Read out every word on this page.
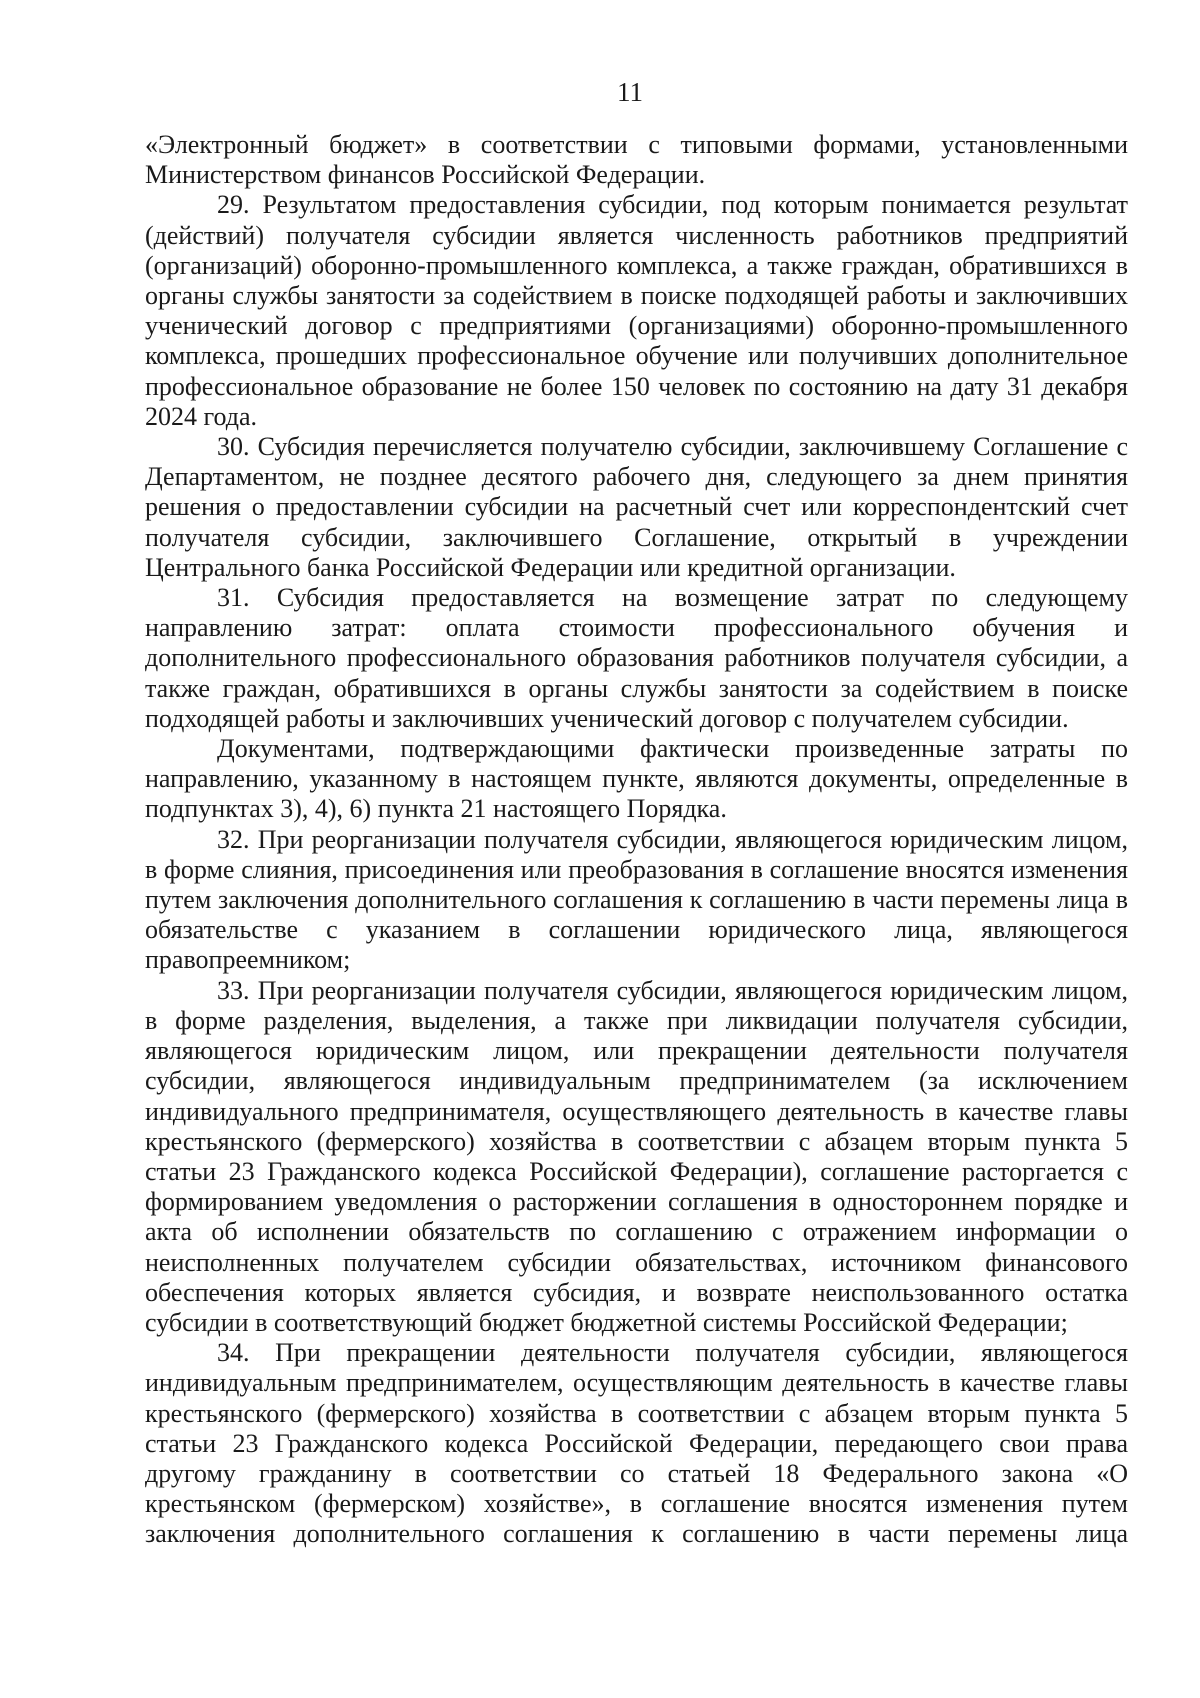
11

«Электронный бюджет» в соответствии с типовыми формами, установленными Министерством финансов Российской Федерации.

29. Результатом предоставления субсидии, под которым понимается результат (действий) получателя субсидии является численность работников предприятий (организаций) оборонно-промышленного комплекса, а также граждан, обратившихся в органы службы занятости за содействием в поиске подходящей работы и заключивших ученический договор с предприятиями (организациями) оборонно-промышленного комплекса, прошедших профессиональное обучение или получивших дополнительное профессиональное образование не более 150 человек по состоянию на дату 31 декабря 2024 года.

30. Субсидия перечисляется получателю субсидии, заключившему Соглашение с Департаментом, не позднее десятого рабочего дня, следующего за днем принятия решения о предоставлении субсидии на расчетный счет или корреспондентский счет получателя субсидии, заключившего Соглашение, открытый в учреждении Центрального банка Российской Федерации или кредитной организации.

31. Субсидия предоставляется на возмещение затрат по следующему направлению затрат: оплата стоимости профессионального обучения и дополнительного профессионального образования работников получателя субсидии, а также граждан, обратившихся в органы службы занятости за содействием в поиске подходящей работы и заключивших ученический договор с получателем субсидии.

Документами, подтверждающими фактически произведенные затраты по направлению, указанному в настоящем пункте, являются документы, определенные в подпунктах 3), 4), 6) пункта 21 настоящего Порядка.

32. При реорганизации получателя субсидии, являющегося юридическим лицом, в форме слияния, присоединения или преобразования в соглашение вносятся изменения путем заключения дополнительного соглашения к соглашению в части перемены лица в обязательстве с указанием в соглашении юридического лица, являющегося правопреемником;

33. При реорганизации получателя субсидии, являющегося юридическим лицом, в форме разделения, выделения, а также при ликвидации получателя субсидии, являющегося юридическим лицом, или прекращении деятельности получателя субсидии, являющегося индивидуальным предпринимателем (за исключением индивидуального предпринимателя, осуществляющего деятельность в качестве главы крестьянского (фермерского) хозяйства в соответствии с абзацем вторым пункта 5 статьи 23 Гражданского кодекса Российской Федерации), соглашение расторгается с формированием уведомления о расторжении соглашения в одностороннем порядке и акта об исполнении обязательств по соглашению с отражением информации о неисполненных получателем субсидии обязательствах, источником финансового обеспечения которых является субсидия, и возврате неиспользованного остатка субсидии в соответствующий бюджет бюджетной системы Российской Федерации;

34. При прекращении деятельности получателя субсидии, являющегося индивидуальным предпринимателем, осуществляющим деятельность в качестве главы крестьянского (фермерского) хозяйства в соответствии с абзацем вторым пункта 5 статьи 23 Гражданского кодекса Российской Федерации, передающего свои права другому гражданину в соответствии со статьей 18 Федерального закона «О крестьянском (фермерском) хозяйстве», в соглашение вносятся изменения путем заключения дополнительного соглашения к соглашению в части перемены лица
